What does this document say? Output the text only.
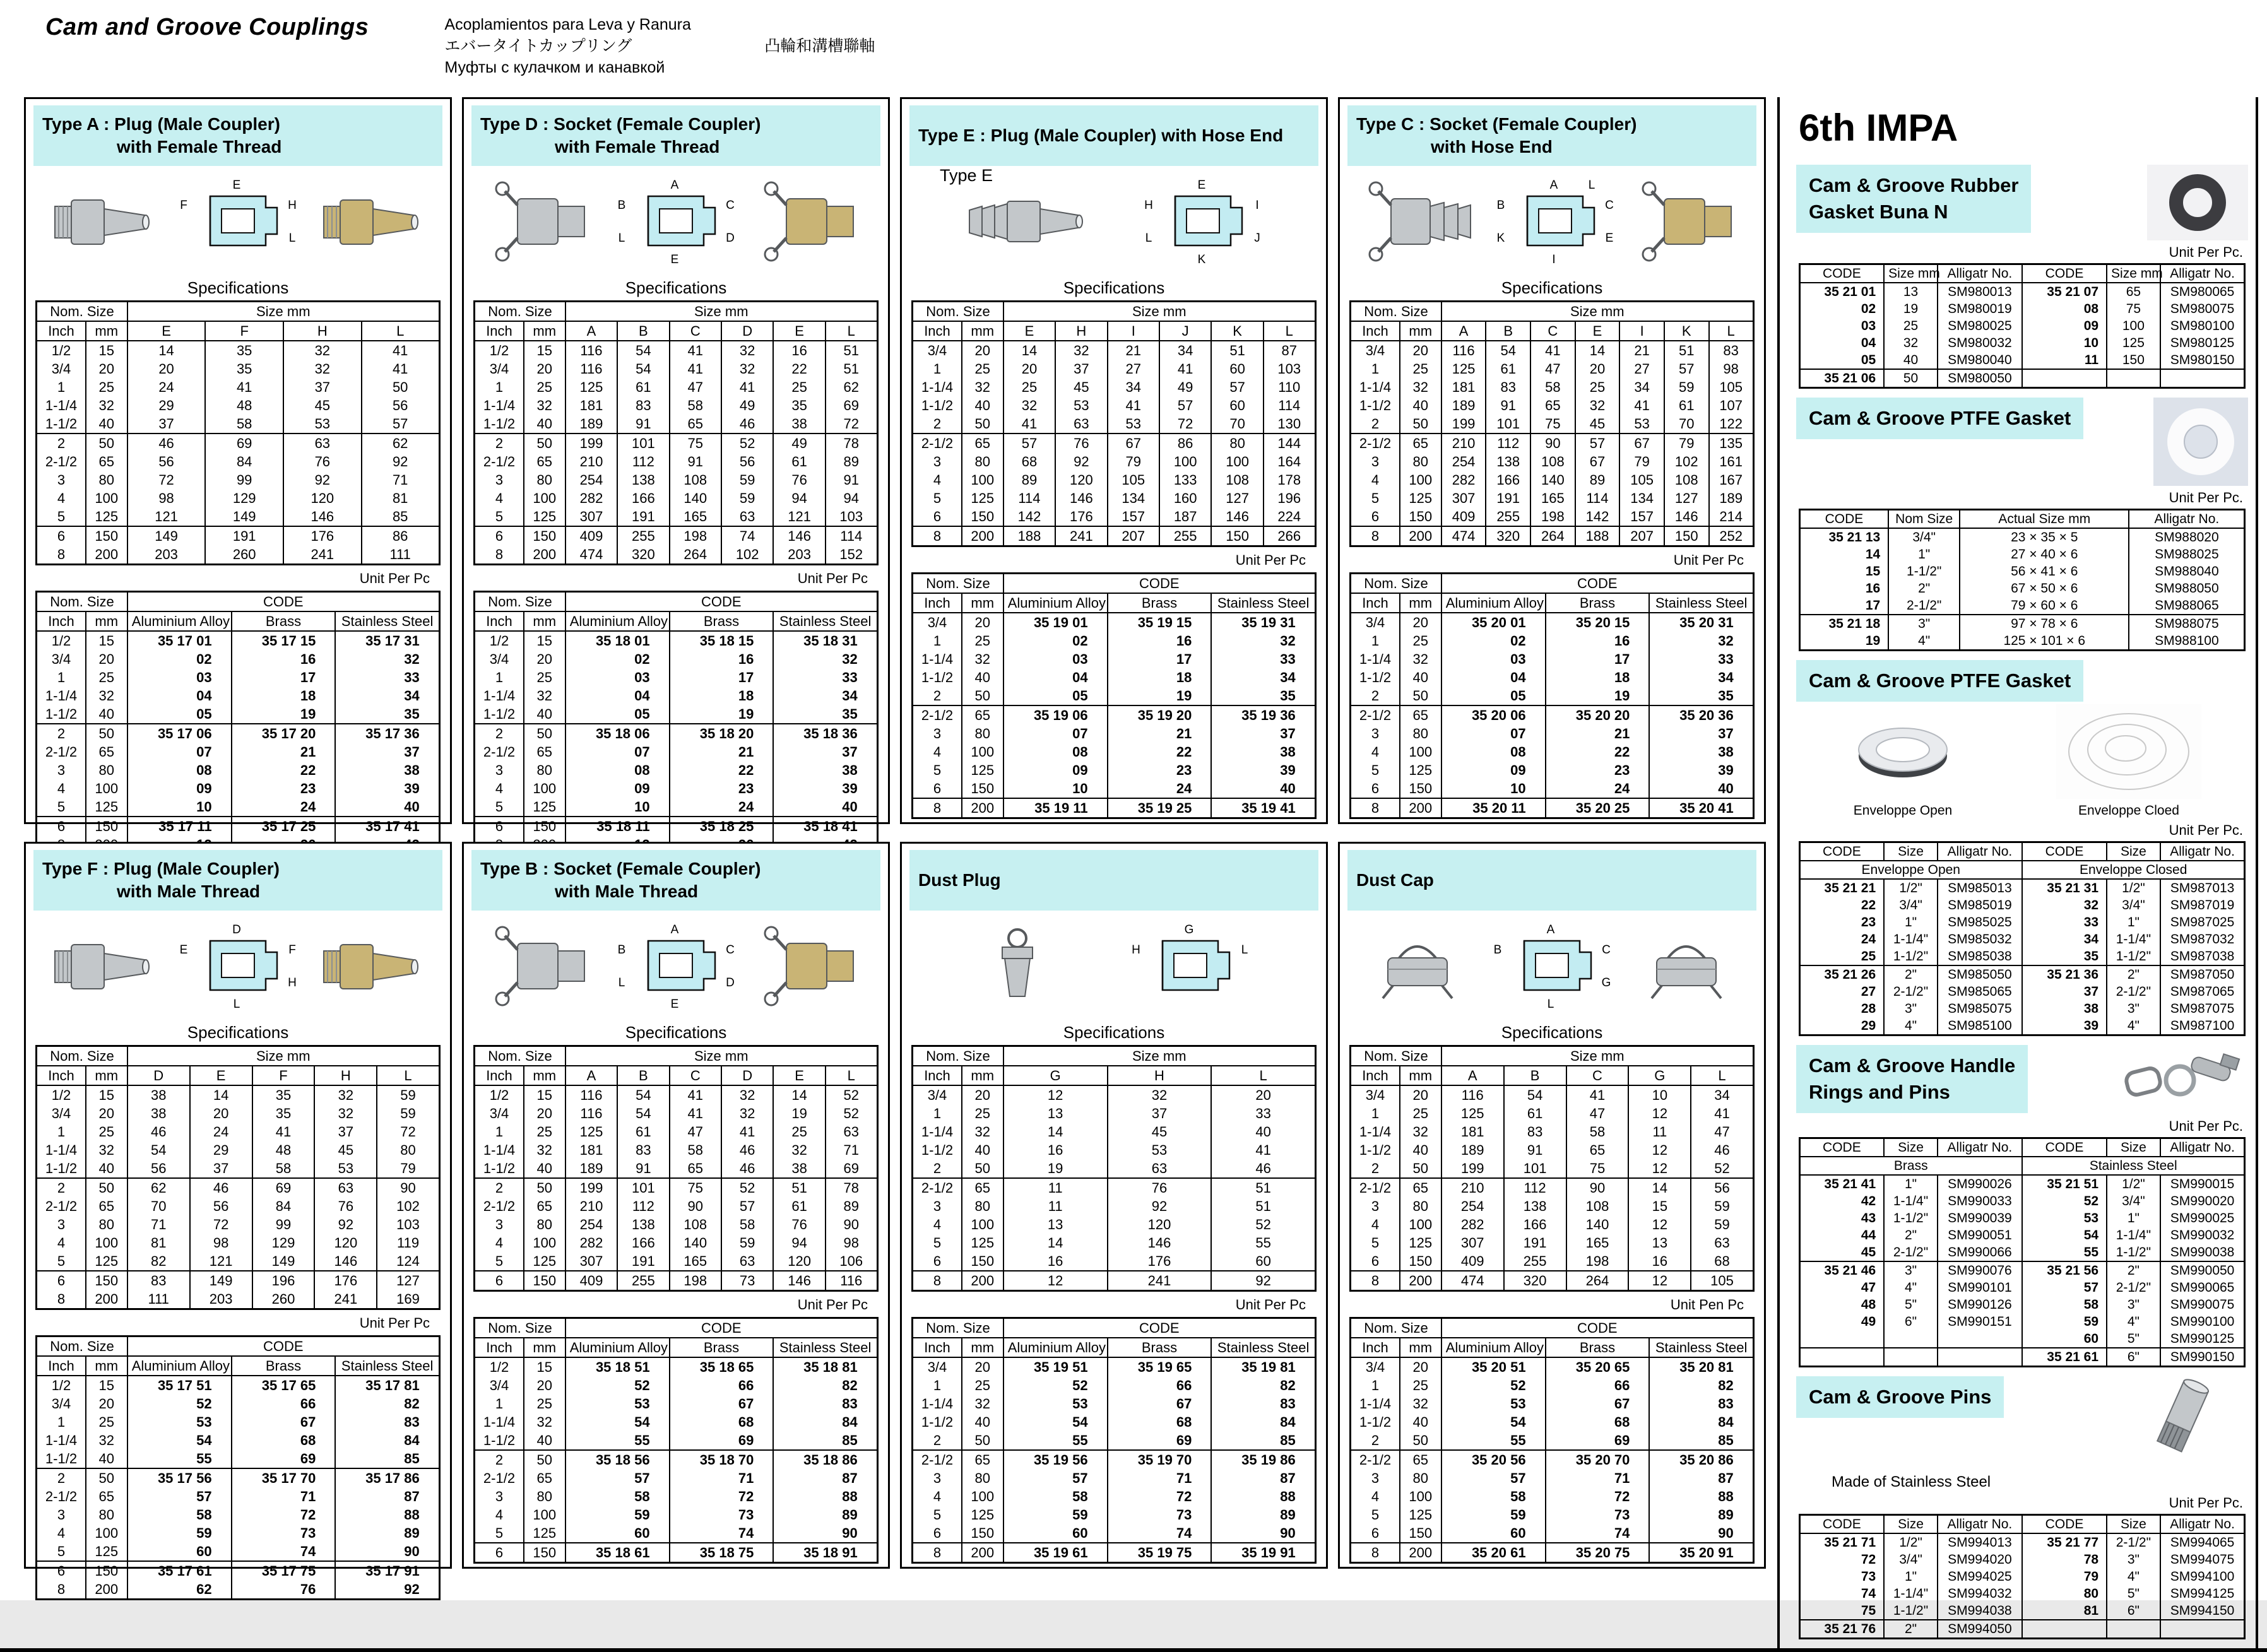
Cam and Groove Couplings	Acoplamientos para Leva y Ranura
エバータイトカップリング	凸輪和溝槽聯軸
Муфты с кулачком и канавкой
Type A : Plug (Male Coupler)
with Female Thread
E
F	H
L
Specifications
Nom. Size		Size mm			
Inch	mm	E	F	H	L
1/2	15	14	35	32	41
3/4	20	20	35	32	41
1	25	24	41	37	50
1-1/4	32	29	48	45	56
1-1/2	40	37	58	53	57
2	50	46	69	63	62
2-1/2	65	56	84	76	92
3	80	72	99	92	71
4	100	98	129	120	81
5	125	121	149	146	85
6	150	149	191	176	86
8	200	203	260	241	111
Unit Per Pc
Nom. Size		CODE		
Inch	mm	Aluminium Alloy	Brass	Stainless Steel
1/2	15	35 17 01	35 17 15	35 17 31
3/4	20	02	16	32
1	25	03	17	33
1-1/4	32	04	18	34
1-1/2	40	05	19	35
2	50	35 17 06	35 17 20	35 17 36
2-1/2	65	07	21	37
3	80	08	22	38
4	100	09	23	39
5	125	10	24	40
6	150	35 17 11	35 17 25	35 17 41

Type D : Socket (Female Coupler)
with Female Thread
A
B	C
D
E
L
Specifications
Nom. Size		Size mm					
Inch	mm	A	B	C	D	E	L
1/2	15	116	54	41	32	16	51
3/4	20	116	54	41	32	22	51
1	25	125	61	47	41	25	62
1-1/4	32	181	83	58	49	35	69
1-1/2	40	189	91	65	46	38	72
2	50	199	101	75	52	49	78
2-1/2	65	210	112	91	56	61	89
3	80	254	138	108	59	76	91
4	100	282	166	140	59	94	94
5	125	307	191	165	63	121	103
6	150	409	255	198	74	146	114
8	200	474	320	264	102	203	152
Unit Per Pc
Nom. Size		CODE		
Inch	mm	Aluminium Alloy	Brass	Stainless Steel
1/2	15	35 18 01	35 18 15	35 18 31
3/4	20	02	16	32
1	25	03	17	33
1-1/4	32	04	18	34
1-1/2	40	05	19	35
2	50	35 18 06	35 18 20	35 18 36
2-1/2	65	07	21	37
3	80	08	22	38
4	100	09	23	39
5	125	10	24	40
6	150	35 18 11	35 18 25	35 18 41

Type E : Plug (Male Coupler) with Hose End
Type E
E
H	I
J
K
L
Specifications
Nom. Size		Size mm					
Inch	mm	E	H	I	J	K	L
3/4	20	14	32	21	34	51	87
1	25	20	37	27	41	60	103
1-1/4	32	25	45	34	49	57	110
1-1/2	40	32	53	41	57	60	114
2	50	41	63	53	72	70	130
2-1/2	65	57	76	67	86	80	144
3	80	68	92	79	100	100	164
4	100	89	120	105	133	108	178
5	125	114	146	134	160	127	196
6	150	142	176	157	187	146	224
8	200	188	241	207	255	150	266
Unit Per Pc
Nom. Size		CODE		
Inch	mm	Aluminium Alloy	Brass	Stainless Steel
3/4	20	35 19 01	35 19 15	35 19 31
1	25	02	16	32
1-1/4	32	03	17	33
1-1/2	40	04	18	34
2	50	05	19	35
2-1/2	65	35 19 06	35 19 20	35 19 36
3	80	07	21	37
4	100	08	22	38
5	125	09	23	39
6	150	10	24	40
8	200	35 19 11	35 19 25	35 19 41
Type C : Socket (Female Coupler)
with Hose End
A
B	C
E
I
K
L
Specifications
Nom. Size		Size mm						
Inch	mm	A	B	C	E	I	K	L
3/4	20	116	54	41	14	21	51	83
1	25	125	61	47	20	27	57	98
1-1/4	32	181	83	58	25	34	59	105
1-1/2	40	189	91	65	32	41	61	107
2	50	199	101	75	45	53	70	122
2-1/2	65	210	112	90	57	67	79	135
3	80	254	138	108	67	79	102	161
4	100	282	166	140	89	105	108	167
5	125	307	191	165	114	134	127	189
6	150	409	255	198	142	157	146	214
8	200	474	320	264	188	207	150	252
Unit Per Pc
Nom. Size		CODE		
Inch	mm	Aluminium Alloy	Brass	Stainless Steel
3/4	20	35 20 01	35 20 15	35 20 31
1	25	02	16	32
1-1/4	32	03	17	33
1-1/2	40	04	18	34
2	50	05	19	35
2-1/2	65	35 20 06	35 20 20	35 20 36
3	80	07	21	37
4	100	08	22	38
5	125	09	23	39
6	150	10	24	40
8	200	35 20 11	35 20 25	35 20 41
Type F : Plug (Male Coupler)
with Male Thread
D
E	F
H
L
Specifications
Nom. Size		Size mm				
Inch	mm	D	E	F	H	L
1/2	15	38	14	35	32	59
3/4	20	38	20	35	32	59
1	25	46	24	41	37	72
1-1/4	32	54	29	48	45	80
1-1/2	40	56	37	58	53	79
2	50	62	46	69	63	90
2-1/2	65	70	56	84	76	102
3	80	71	72	99	92	103
4	100	81	98	129	120	119
5	125	82	121	149	146	124
6	150	83	149	196	176	127
8	200	111	203	260	241	169
Unit Per Pc
Nom. Size		CODE		
Inch	mm	Aluminium Alloy	Brass	Stainless Steel
1/2	15	35 17 51	35 17 65	35 17 81
3/4	20	52	66	82
1	25	53	67	83
1-1/4	32	54	68	84
1-1/2	40	55	69	85
2	50	35 17 56	35 17 70	35 17 86
2-1/2	65	57	71	87
3	80	58	72	88
4	100	59	73	89
5	125	60	74	90
6	150	35 17 61	35 17 75	35 17 91
8	200	62	76	92
Type B : Socket (Female Coupler)
with Male Thread
A
B	C
D
E
L
Specifications
Nom. Size		Size mm					
Inch	mm	A	B	C	D	E	L
1/2	15	116	54	41	32	14	52
3/4	20	116	54	41	32	19	52
1	25	125	61	47	41	25	63
1-1/4	32	181	83	58	46	32	71
1-1/2	40	189	91	65	46	38	69
2	50	199	101	75	52	51	78
2-1/2	65	210	112	90	57	61	89
3	80	254	138	108	58	76	90
4	100	282	166	140	59	94	98
5	125	307	191	165	63	120	106
6	150	409	255	198	73	146	116
Unit Per Pc
Nom. Size		CODE		
Inch	mm	Aluminium Alloy	Brass	Stainless Steel
1/2	15	35 18 51	35 18 65	35 18 81
3/4	20	52	66	82
1	25	53	67	83
1-1/4	32	54	68	84
1-1/2	40	55	69	85
2	50	35 18 56	35 18 70	35 18 86
2-1/2	65	57	71	87
3	80	58	72	88
4	100	59	73	89
5	125	60	74	90
6	150	35 18 61	35 18 75	35 18 91
Dust Plug
G
H	L
Specifications
Nom. Size		Size mm		
Inch	mm	G	H	L
3/4	20	12	32	20
1	25	13	37	33
1-1/4	32	14	45	40
1-1/2	40	16	53	41
2	50	19	63	46
2-1/2	65	11	76	51
3	80	11	92	51
4	100	13	120	52
5	125	14	146	55
6	150	16	176	60
8	200	12	241	92
Unit Per Pc
Nom. Size		CODE		
Inch	mm	Aluminium Alloy	Brass	Stainless Steel
3/4	20	35 19 51	35 19 65	35 19 81
1	25	52	66	82
1-1/4	32	53	67	83
1-1/2	40	54	68	84
2	50	55	69	85
2-1/2	65	35 19 56	35 19 70	35 19 86
3	80	57	71	87
4	100	58	72	88
5	125	59	73	89
6	150	60	74	90
8	200	35 19 61	35 19 75	35 19 91
Dust Cap
A
B	C
G
L
Specifications
Nom. Size		Size mm				
Inch	mm	A	B	C	G	L
3/4	20	116	54	41	10	34
1	25	125	61	47	12	41
1-1/4	32	181	83	58	11	47
1-1/2	40	189	91	65	12	46
2	50	199	101	75	12	52
2-1/2	65	210	112	90	14	56
3	80	254	138	108	15	59
4	100	282	166	140	12	59
5	125	307	191	165	13	63
6	150	409	255	198	16	68
8	200	474	320	264	12	105
Unit Pen Pc
Nom. Size		CODE		
Inch	mm	Aluminium Alloy	Brass	Stainless Steel
3/4	20	35 20 51	35 20 65	35 20 81
1	25	52	66	82
1-1/4	32	53	67	83
1-1/2	40	54	68	84
2	50	55	69	85
2-1/2	65	35 20 56	35 20 70	35 20 86
3	80	57	71	87
4	100	58	72	88
5	125	59	73	89
6	150	60	74	90
8	200	35 20 61	35 20 75	35 20 91
6th IMPA
Cam & Groove Rubber
Gasket Buna N
Unit Per Pc.
CODE	Size mm	Alligatr No.	CODE	Size mm	Alligatr No.
35 21 01	13	SM980013	35 21 07	65	SM980065
02	19	SM980019	08	75	SM980075
03	25	SM980025	09	100	SM980100
04	32	SM980032	10	125	SM980125
05	40	SM980040	11	150	SM980150
35 21 06	50	SM980050			
Cam & Groove PTFE Gasket
Unit Per Pc.
CODE	Nom Size	Actual Size mm	Alligatr No.
35 21 13	3/4"	23 × 35 × 5	SM988020
14	1"	27 × 40 × 6	SM988025
15	1-1/2"	56 × 41 × 6	SM988040
16	2"	67 × 50 × 6	SM988050
17	2-1/2"	79 × 60 × 6	SM988065
35 21 18	3"	97 × 78 × 6	SM988075
19	4"	125 × 101 × 6	SM988100
Cam & Groove PTFE Gasket
Enveloppe Open	Enveloppe Cloed
Unit Per Pc.
CODE	Size	Alligatr No.	CODE	Size	Alligatr No.
Enveloppe Open			Enveloppe Closed		
35 21 21	1/2"	SM985013	35 21 31	1/2"	SM987013
22	3/4"	SM985019	32	3/4"	SM987019
23	1"	SM985025	33	1"	SM987025
24	1-1/4"	SM985032	34	1-1/4"	SM987032
25	1-1/2"	SM985038	35	1-1/2"	SM987038
35 21 26	2"	SM985050	35 21 36	2"	SM987050
27	2-1/2"	SM985065	37	2-1/2"	SM987065
28	3"	SM985075	38	3"	SM987075
29	4"	SM985100	39	4"	SM987100
Cam & Groove Handle
Rings and Pins
Unit Per Pc.
CODE	Size	Alligatr No.	CODE	Size	Alligatr No.
Brass			Stainless Steel		
35 21 41	1"	SM990026	35 21 51	1/2"	SM990015
42	1-1/4"	SM990033	52	3/4"	SM990020
43	1-1/2"	SM990039	53	1"	SM990025
44	2"	SM990051	54	1-1/4"	SM990032
45	2-1/2"	SM990066	55	1-1/2"	SM990038
35 21 46	3"	SM990076	35 21 56	2"	SM990050
47	4"	SM990101	57	2-1/2"	SM990065
48	5"	SM990126	58	3"	SM990075
49	6"	SM990151	59	4"	SM990100
			60	5"	SM990125
			35 21 61	6"	SM990150
Cam & Groove Pins
Made of Stainless Steel
Unit Per Pc.
CODE	Size	Alligatr No.	CODE	Size	Alligatr No.
35 21 71	1/2"	SM994013	35 21 77	2-1/2"	SM994065
72	3/4"	SM994020	78	3"	SM994075
73	1"	SM994025	79	4"	SM994100
74	1-1/4"	SM994032	80	5"	SM994125
75	1-1/2"	SM994038	81	6"	SM994150
35 21 76	2"	SM994050			
